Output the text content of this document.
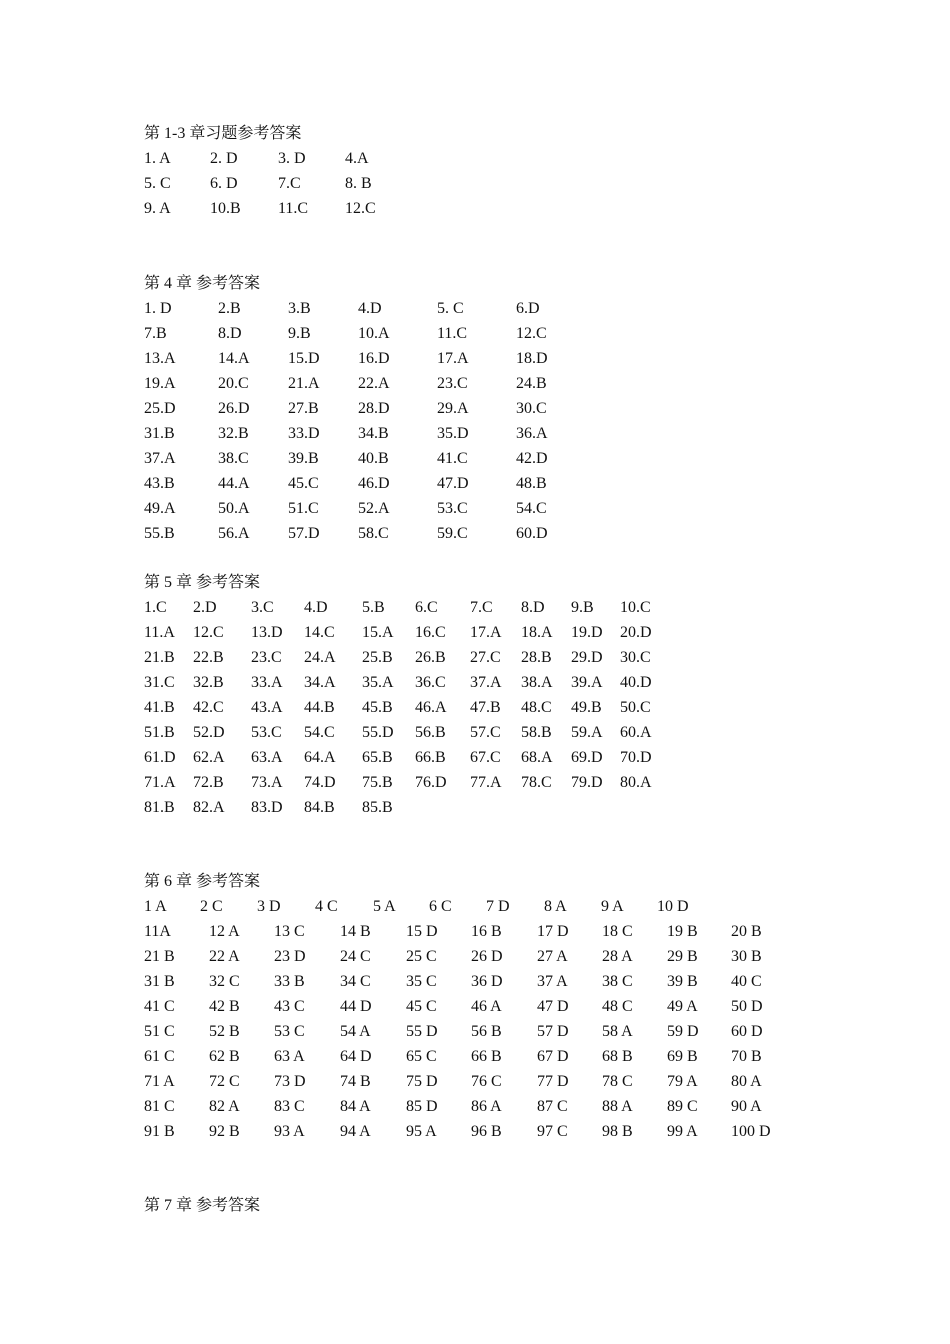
第 1-3 章习题参考答案
1. A 2. D	3. D 4.A
5. C 6. D	7.C	8. B
9. A 10.B 11.C 12.C
第 4 章 参考答案
1. D	2.B	3.B	4.D	5. C	6.D
7.B	8.D	9.B	10.A	11.C	12.C
13.A	14.A 15.D 16.D	17.A	18.D
19.A	20.C 21.A 22.A	23.C	24.B
25.D	26.D 27.B 28.D	29.A	30.C
31.B	32.B 33.D 34.B	35.D	36.A
37.A	38.C 39.B 40.B	41.C	42.D
43.B	44.A 45.C 46.D	47.D	48.B
49.A	50.A 51.C 52.A	53.C	54.C
55.B	56.A 57.D 58.C	59.C	60.D
第 5 章 参考答案
1.C 2.D 3.C 4.D 5.B 6.C 7.C 8.D 9.B 10.C
11.A 12.C 13.D 14.C 15.A 16.C 17.A 18.A 19.D 20.D
21.B 22.B 23.C 24.A 25.B 26.B 27.C 28.B 29.D 30.C
31.C 32.B 33.A 34.A 35.A 36.C 37.A 38.A 39.A 40.D
41.B 42.C 43.A 44.B 45.B 46.A 47.B 48.C 49.B 50.C
51.B 52.D 53.C 54.C 55.D 56.B 57.C 58.B 59.A 60.A
61.D 62.A 63.A 64.A 65.B 66.B 67.C 68.A 69.D 70.D
71.A 72.B 73.A 74.D 75.B 76.D 77.A 78.C 79.D 80.A
81.B 82.A 83.D 84.B 85.B
第 6 章 参考答案
1 A 2 C 3 D 4 C 5 A 6 C 7 D 8 A 9 A 10 D
11A 12 A 13 C 14 B 15 D 16 B 17 D 18 C 19 B 20 B
21 B 22 A 23 D 24 C 25 C 26 D 27 A 28 A 29 B 30 B
31 B 32 C 33 B 34 C 35 C 36 D 37 A 38 C 39 B 40 C
41 C 42 B 43 C 44 D 45 C 46 A 47 D 48 C 49 A 50 D
51 C 52 B 53 C 54 A 55 D 56 B 57 D 58 A 59 D 60 D
61 C 62 B 63 A 64 D 65 C 66 B 67 D 68 B 69 B 70 B
71 A 72 C 73 D 74 B 75 D 76 C 77 D 78 C 79 A 80 A
81 C 82 A 83 C 84 A 85 D 86 A 87 C 88 A 89 C 90 A
91 B 92 B 93 A 94 A 95 A 96 B 97 C 98 B 99 A 100 D
第 7 章 参考答案
